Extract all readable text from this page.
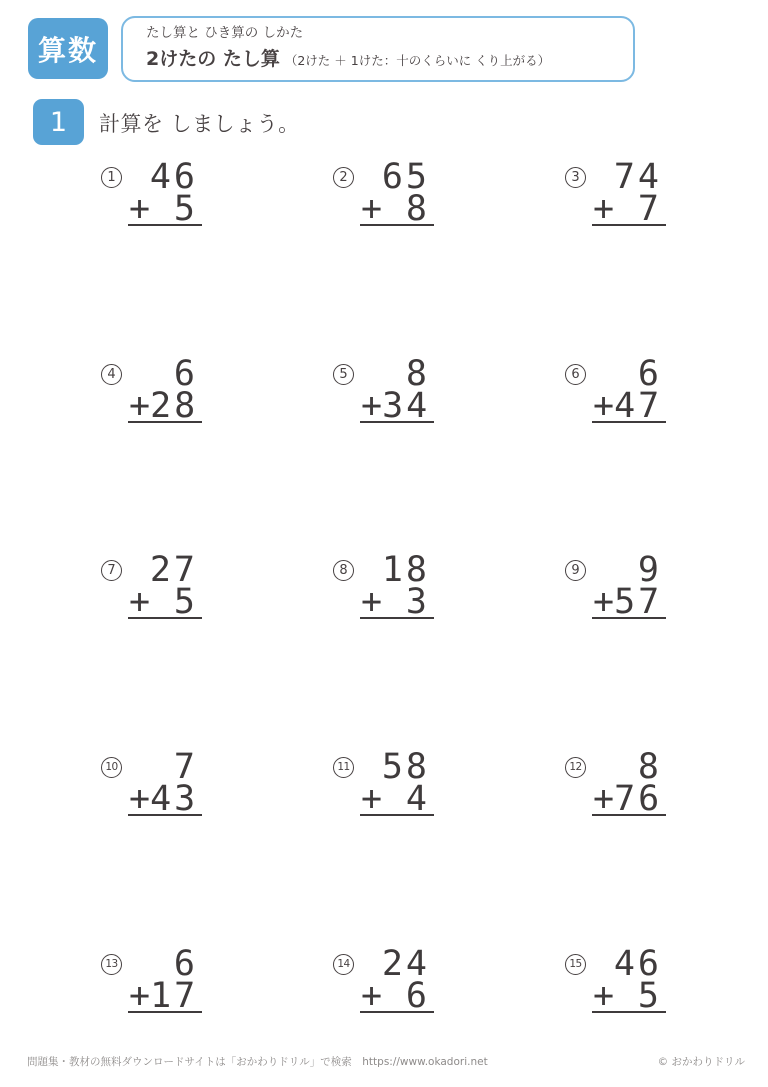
算数
たし算と ひき算の しかた
2けたの たし算 （2けた ＋ 1けた：十のくらいに くり上がる）
1	計算を しましょう。
1 46
+ 5
2 65
+ 8
3 74
+ 7
4	6
+ 28
5	8
+ 34
6	6
+ 47
7 27
+ 5
8 18
+ 3
9	9
+ 57
10	7
+ 43
11 58
+ 4
12	8
+ 76
13	6
+ 17
14 24
+ 6
15 46
+ 5
問題集・教材の無料ダウンロードサイトは「おかわりドリル」で検索　https://www.okadori.net	© おかわりドリル
